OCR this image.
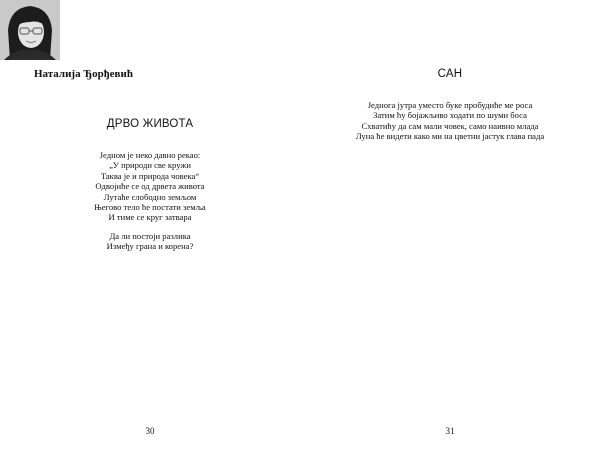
Наталија Ђорђевић
ДРВО ЖИВОТА
Једном је неко давно рекао:
„У природи све кружи
Таква је и природа човека“
Одвојиће се од дрвета живота
Лутаће слободно земљом
Његово тело ће постати земља
И тиме се круг затвара
Да ли постоји разлика
Између грана и корена?
30
САН
Једнога јутра уместо буке пробудиће ме роса
Затим ћу бојажљиво ходати по шуми боса
Схватићу да сам мали човек, само наивно млада
Луна ће видети како ми на цветни јастук глава пада
31
